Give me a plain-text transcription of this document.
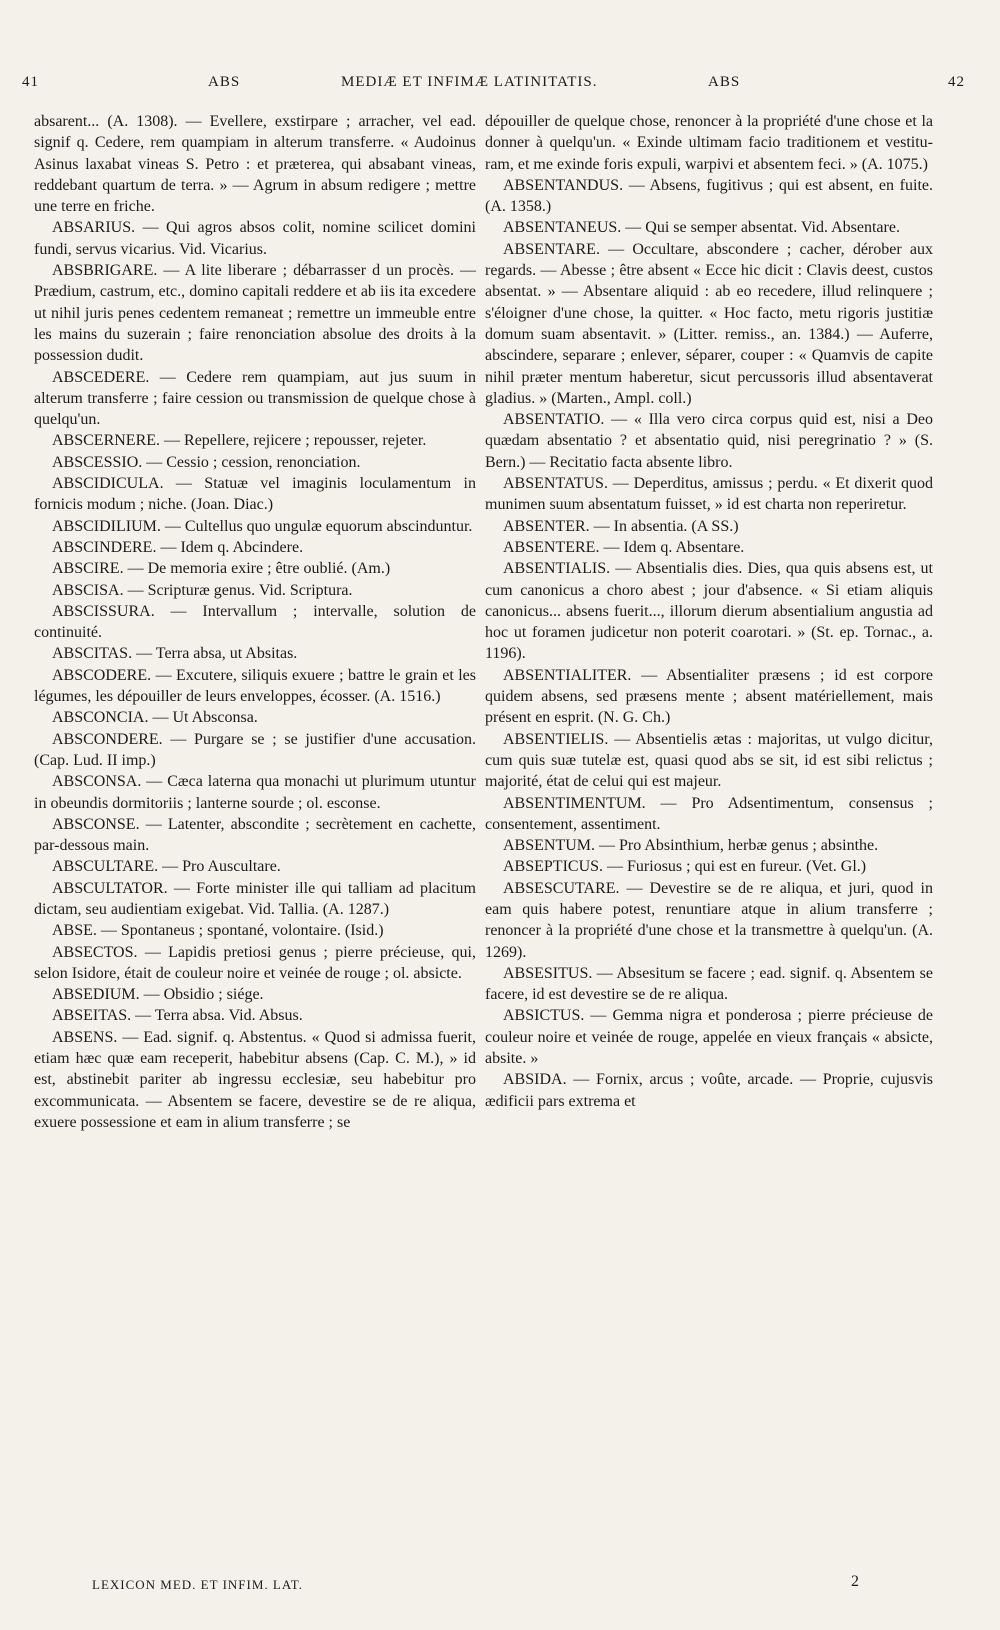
41	ABS	MEDIÆ ET INFIMÆ LATINITATIS.	ABS	42

absarent... (A. 1308). — Evellere, exstirpare ; arracher, vel ead. signif q. Cedere, rem quampiam in alterum transferre. « Audoinus Asinus laxabat vineas S. Petro : et præterea, qui absabant vineas, reddebant quartum de terra. » — Agrum in absum redigere ; mettre une terre en friche.

ABSARIUS. — Qui agros absos colit, nomine scilicet domini fundi, servus vicarius. Vid. Vicarius.

ABSBRIGARE. — A lite liberare ; débarrasser d un procès. — Prædium, castrum, etc., domino capitali reddere et ab iis ita excedere ut nihil juris penes cedentem remaneat ; remettre un immeuble entre les mains du suzerain ; faire renonciation absolue des droits à la possession dudit.

ABSCEDERE. — Cedere rem quampiam, aut jus suum in alterum transferre ; faire cession ou transmission de quelque chose à quelqu'un.

ABSCERNERE. — Repellere, rejicere ; repousser, rejeter.

ABSCESSIO. — Cessio ; cession, renonciation.

ABSCIDICULA. — Statuæ vel imaginis loculamentum in fornicis modum ; niche. (Joan. Diac.)

ABSCIDILIUM. — Cultellus quo ungulæ equorum abscinduntur.

ABSCINDERE. — Idem q. Abcindere.

ABSCIRE. — De memoria exire ; être oublié. (Am.)

ABSCISA. — Scripturæ genus. Vid. Scriptura.

ABSCISSURA. — Intervallum ; intervalle, solution de continuité.

ABSCITAS. — Terra absa, ut Absitas.

ABSCODERE. — Excutere, siliquis exuere ; battre le grain et les légumes, les dépouiller de leurs enveloppes, écosser. (A. 1516.)

ABSCONCIA. — Ut Absconsa.

ABSCONDERE. — Purgare se ; se justifier d'une accusation. (Cap. Lud. II imp.)

ABSCONSA. — Cæca laterna qua monachi ut plurimum utuntur in obeundis dormitoriis ; lanterne sourde ; ol. esconse.

ABSCONSE. — Latenter, abscondite ; secrètement en cachette, par-dessous main.

ABSCULTARE. — Pro Auscultare.

ABSCULTATOR. — Forte minister ille qui talliam ad placitum dictam, seu audientiam exigebat. Vid. Tallia. (A. 1287.)

ABSE. — Spontaneus ; spontané, volontaire. (Isid.)

ABSECTOS. — Lapidis pretiosi genus ; pierre précieuse, qui, selon Isidore, était de couleur noire et veinée de rouge ; ol. absicte.

ABSEDIUM. — Obsidio ; siége.

ABSEITAS. — Terra absa. Vid. Absus.

ABSENS. — Ead. signif. q. Abstentus. « Quod si admissa fuerit, etiam hæc quæ eam receperit, habebitur absens (Cap. C. M.), » id est, abstinebit pariter ab ingressu ecclesiæ, seu habebitur pro excommunicata. — Absentem se facere, devestire se de re aliqua, exuere possessione et eam in alium transferre ; se

dépouiller de quelque chose, renoncer à la propriété d'une chose et la donner à quelqu'un. « Exinde ultimam facio traditionem et vestitu-ram, et me exinde foris expuli, warpivi et absentem feci. » (A. 1075.)

ABSENTANDUS. — Absens, fugitivus ; qui est absent, en fuite. (A. 1358.)

ABSENTANEUS. — Qui se semper absentat. Vid. Absentare.

ABSENTARE. — Occultare, abscondere ; cacher, dérober aux regards. — Abesse ; être absent « Ecce hic dicit : Clavis deest, custos absentat. » — Absentare aliquid : ab eo recedere, illud relinquere ; s'éloigner d'une chose, la quitter. « Hoc facto, metu rigoris justitiæ domum suam absentavit. » (Litter. remiss., an. 1384.) — Auferre, abscindere, separare ; enlever, séparer, couper : « Quamvis de capite nihil præter mentum haberetur, sicut percussoris illud absentaverat gladius. » (Marten., Ampl. coll.)

ABSENTATIO. — « Illa vero circa corpus quid est, nisi a Deo quædam absentatio ? et absentatio quid, nisi peregrinatio ? » (S. Bern.) — Recitatio facta absente libro.

ABSENTATUS. — Deperditus, amissus ; perdu. « Et dixerit quod munimen suum absentatum fuisset, » id est charta non reperiretur.

ABSENTER. — In absentia. (A SS.)

ABSENTERE. — Idem q. Absentare.

ABSENTIALIS. — Absentialis dies. Dies, qua quis absens est, ut cum canonicus a choro abest ; jour d'absence. « Si etiam aliquis canonicus... absens fuerit..., illorum dierum absentialium angustia ad hoc ut foramen judicetur non poterit coarotari. » (St. ep. Tornac., a. 1196).

ABSENTIALITER. — Absentialiter præsens ; id est corpore quidem absens, sed præsens mente ; absent matériellement, mais présent en esprit. (N. G. Ch.)

ABSENTIELIS. — Absentielis ætas : majoritas, ut vulgo dicitur, cum quis suæ tutelæ est, quasi quod abs se sit, id est sibi relictus ; majorité, état de celui qui est majeur.

ABSENTIMENTUM. — Pro Adsentimentum, consensus ; consentement, assentiment.

ABSENTUM. — Pro Absinthium, herbæ genus ; absinthe.

ABSEPTICUS. — Furiosus ; qui est en fureur. (Vet. Gl.)

ABSESCUTARE. — Devestire se de re aliqua, et juri, quod in eam quis habere potest, renuntiare atque in alium transferre ; renoncer à la propriété d'une chose et la transmettre à quelqu'un. (A. 1269).

ABSESITUS. — Absesitum se facere ; ead. signif. q. Absentem se facere, id est devestire se de re aliqua.

ABSICTUS. — Gemma nigra et ponderosa ; pierre précieuse de couleur noire et veinée de rouge, appelée en vieux français « absicte, absite. »

ABSIDA. — Fornix, arcus ; voûte, arcade. — Proprie, cujusvis ædificii pars extrema et

LEXICON MED. ET INFIM. LAT.	2
